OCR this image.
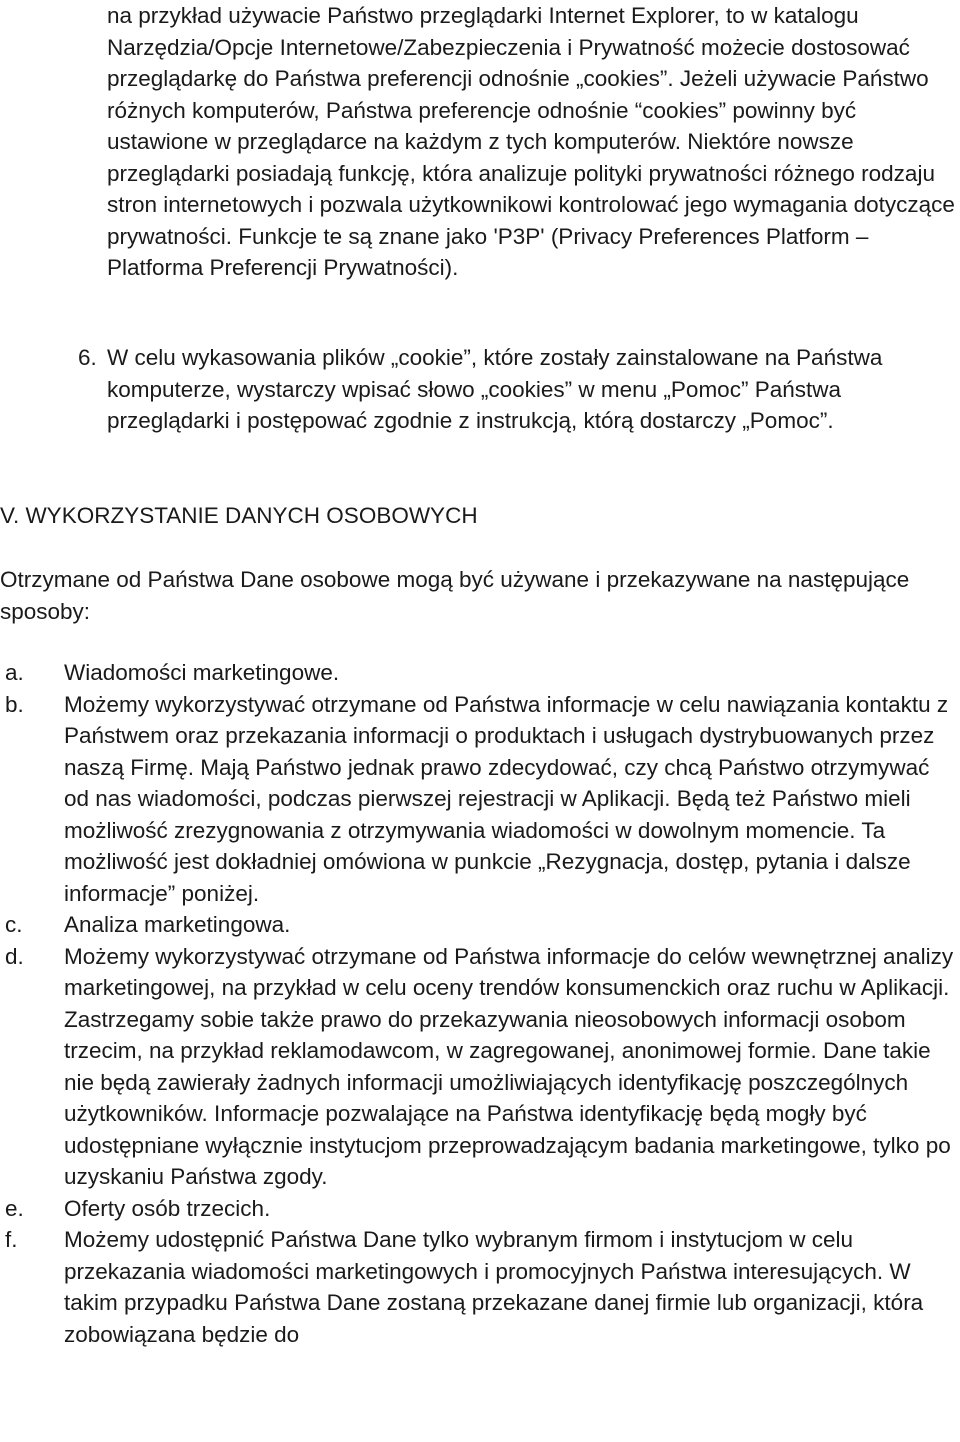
na przykład używacie Państwo przeglądarki Internet Explorer, to w katalogu Narzędzia/Opcje Internetowe/Zabezpieczenia i Prywatność możecie dostosować przeglądarkę do Państwa preferencji odnośnie „cookies”. Jeżeli używacie Państwo różnych komputerów, Państwa preferencje odnośnie “cookies” powinny być ustawione w przeglądarce na każdym z tych komputerów. Niektóre nowsze przeglądarki posiadają funkcję, która analizuje polityki prywatności różnego rodzaju stron internetowych i pozwala użytkownikowi kontrolować jego wymagania dotyczące prywatności. Funkcje te są znane jako 'P3P' (Privacy Preferences Platform – Platforma Preferencji Prywatności).

6. W celu wykasowania plików „cookie”, które zostały zainstalowane na Państwa komputerze, wystarczy wpisać słowo „cookies” w menu „Pomoc” Państwa przeglądarki i postępować zgodnie z instrukcją, którą dostarczy „Pomoc”.
V. WYKORZYSTANIE DANYCH OSOBOWYCH

Otrzymane od Państwa Dane osobowe mogą być używane i przekazywane na następujące sposoby:

a.	Wiadomości marketingowe.
b.	Możemy wykorzystywać otrzymane od Państwa informacje w celu nawiązania kontaktu z Państwem oraz przekazania informacji o produktach i usługach dystrybuowanych przez naszą Firmę. Mają Państwo jednak prawo zdecydować, czy chcą Państwo otrzymywać od nas wiadomości, podczas pierwszej rejestracji w Aplikacji. Będą też Państwo mieli możliwość zrezygnowania z otrzymywania wiadomości w dowolnym momencie. Ta możliwość jest dokładniej omówiona w punkcie „Rezygnacja, dostęp, pytania i dalsze informacje” poniżej.
c.	Analiza marketingowa.
d.	Możemy wykorzystywać otrzymane od Państwa informacje do celów wewnętrznej analizy marketingowej, na przykład w celu oceny trendów konsumenckich oraz ruchu w Aplikacji. Zastrzegamy sobie także prawo do przekazywania nieosobowych informacji osobom trzecim, na przykład reklamodawcom, w zagregowanej, anonimowej formie. Dane takie nie będą zawierały żadnych informacji umożliwiających identyfikację poszczególnych użytkowników. Informacje pozwalające na Państwa identyfikację będą mogły być udostępniane wyłącznie instytucjom przeprowadzającym badania marketingowe, tylko po uzyskaniu Państwa zgody.
e.	Oferty osób trzecich.
f.	Możemy udostępnić Państwa Dane tylko wybranym firmom i instytucjom w celu przekazania wiadomości marketingowych i promocyjnych Państwa interesujących. W takim przypadku Państwa Dane zostaną przekazane danej firmie lub organizacji, która zobowiązana będzie do
